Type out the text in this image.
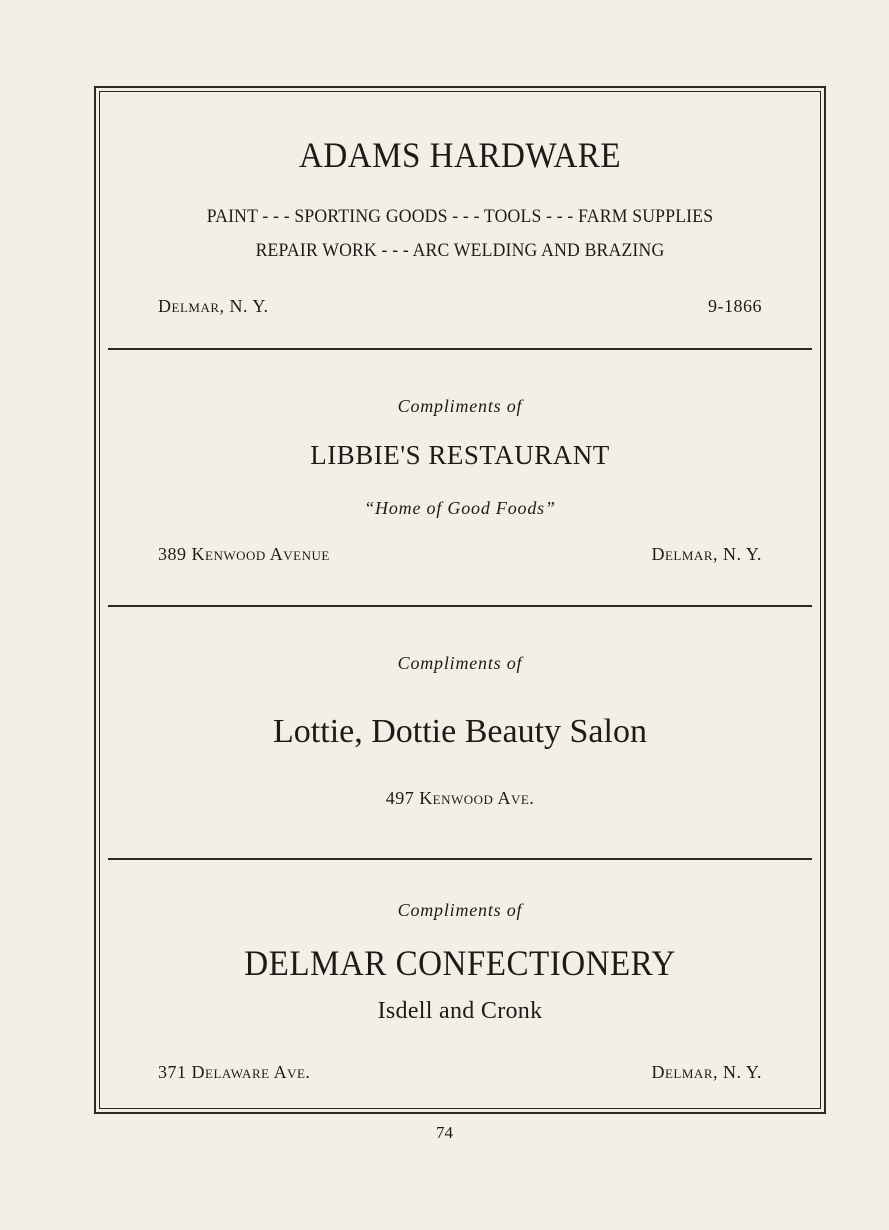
ADAMS HARDWARE
PAINT - - - SPORTING GOODS - - - TOOLS - - - FARM SUPPLIES
REPAIR WORK - - - ARC WELDING AND BRAZING
Delmar, N. Y.	9-1866
Compliments of
LIBBIE'S RESTAURANT
“Home of Good Foods”
389 Kenwood Avenue	Delmar, N. Y.
Compliments of
Lottie, Dottie Beauty Salon
497 Kenwood Ave.
Compliments of
DELMAR CONFECTIONERY
Isdell and Cronk
371 Delaware Ave.	Delmar, N. Y.
74
